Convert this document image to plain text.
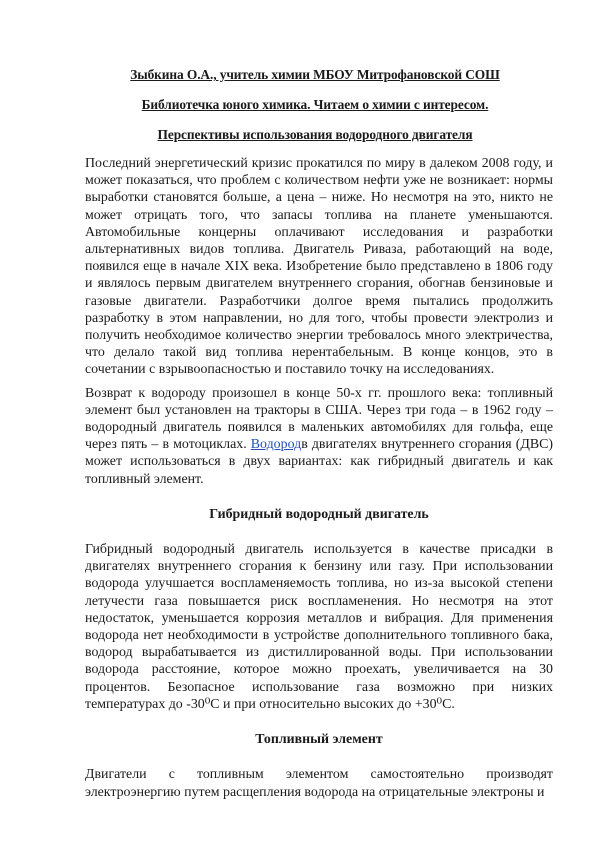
Зыбкина О.А., учитель химии МБОУ Митрофановской СОШ
Библиотечка юного химика. Читаем о химии с интересом.
Перспективы использования водородного двигателя

Последний энергетический кризис прокатился по миру в далеком 2008 году, и может показаться, что проблем с количеством нефти уже не возникает: нормы выработки становятся больше, а цена – ниже. Но несмотря на это, никто не может отрицать того, что запасы топлива на планете уменьшаются. Автомобильные концерны оплачивают исследования и разработки альтернативных видов топлива. Двигатель Риваза, работающий на воде, появился еще в начале XIX века. Изобретение было представлено в 1806 году и являлось первым двигателем внутреннего сгорания, обогнав бензиновые и газовые двигатели. Разработчики долгое время пытались продолжить разработку в этом направлении, но для того, чтобы провести электролиз и получить необходимое количество энергии требовалось много электричества, что делало такой вид топлива нерентабельным. В конце концов, это в сочетании с взрывоопасностью и поставило точку на исследованиях.

Возврат к водороду произошел в конце 50-х гг. прошлого века: топливный элемент был установлен на тракторы в США. Через три года – в 1962 году – водородный двигатель появился в маленьких автомобилях для гольфа, еще через пять – в мотоциклах. Водородв двигателях внутреннего сгорания (ДВС) может использоваться в двух вариантах: как гибридный двигатель и как топливный элемент.

Гибридный водородный двигатель

Гибридный водородный двигатель используется в качестве присадки в двигателях внутреннего сгорания к бензину или газу. При использовании водорода улучшается воспламеняемость топлива, но из-за высокой степени летучести газа повышается риск воспламенения. Но несмотря на этот недостаток, уменьшается коррозия металлов и вибрация. Для применения водорода нет необходимости в устройстве дополнительного топливного бака, водород вырабатывается из дистиллированной воды. При использовании водорода расстояние, которое можно проехать, увеличивается на 30 процентов. Безопасное использование газа возможно при низких температурах до -30⁰С и при относительно высоких до +30⁰С.

Топливный элемент

Двигатели с топливным элементом самостоятельно производят электроэнергию путем расщепления водорода на отрицательные электроны и
